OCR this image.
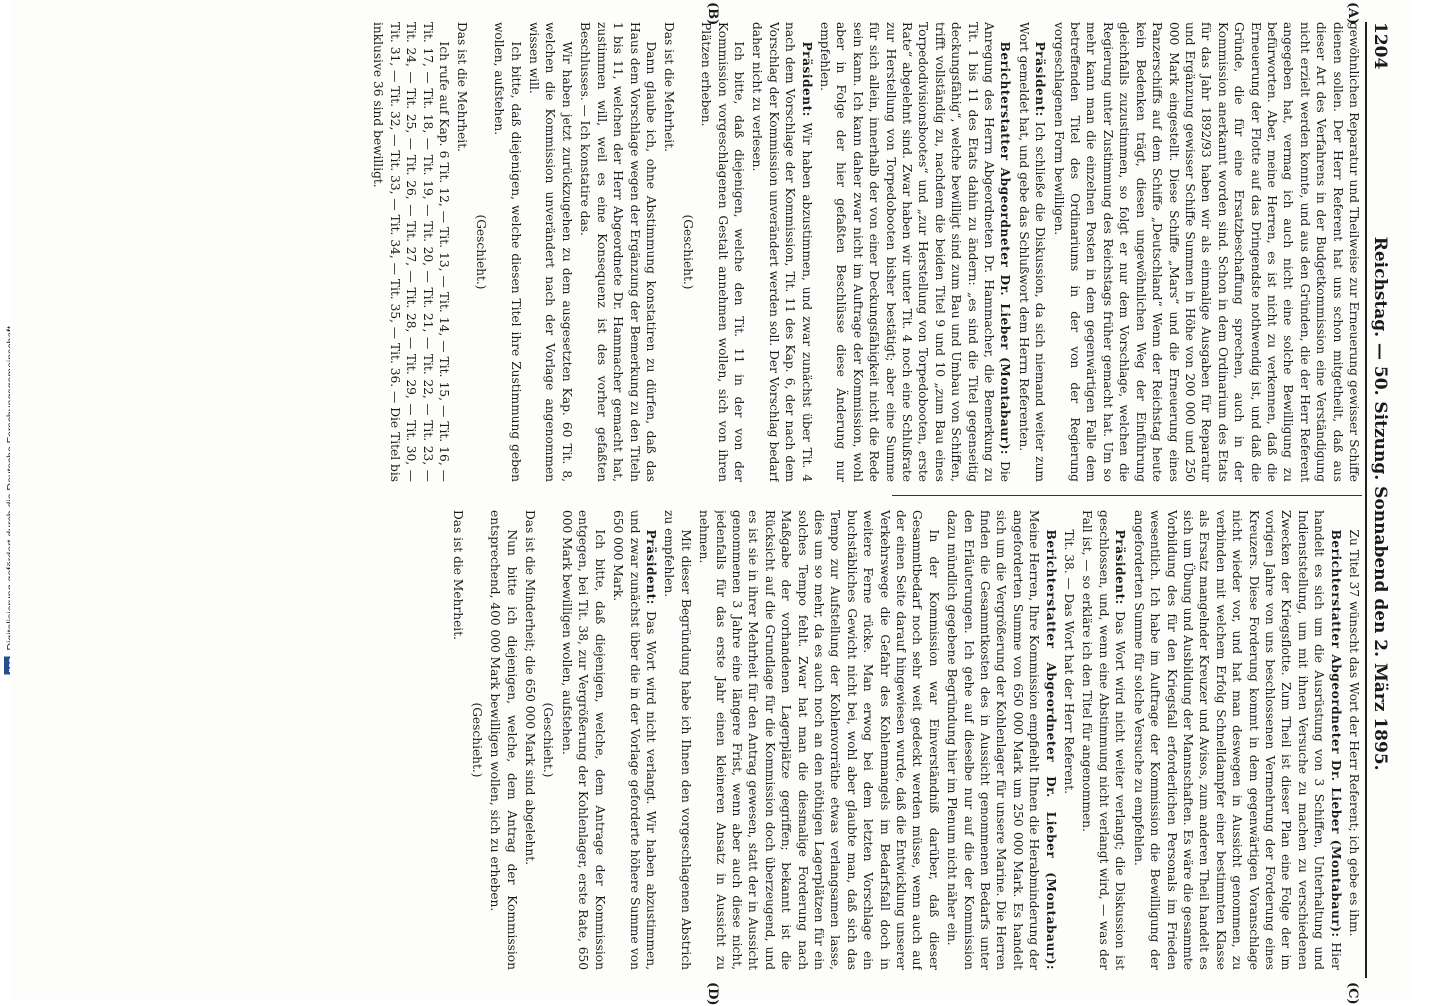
1204
Reichstag. — 50. Sitzung. Sonnabend den 2. März 1895.
(A)
(B)
(C)
(D)

gewöhnlichen Reparatur und Theilweise zur Erneuerung gewisser Schiffe dienen sollen. Der Herr Referent hat uns schon mitgetheilt, daß aus dieser Art des Verfahrens in der Budgetkommission eine Verständigung nicht erzielt werden konnte, und aus den Gründen, die der Herr Referent angegeben hat, vermag ich auch nicht eine solche Bewilligung zu befürworten. Aber, meine Herren, es ist nicht zu verkennen, daß die Erneuerung der Flotte auf das Dringendste nothwendig ist, und daß die Gründe, die für eine Ersatzbeschaffung sprechen, auch in der Kommission anerkannt worden sind. Schon in dem Ordinarium des Etats für das Jahr 1892/93 haben wir als einmalige Ausgaben für Reparatur und Ergänzung gewisser Schiffe Summen in Höhe von 200 000 und 250 000 Mark eingestellt. Diese Schiffe „Mars“ und die Erneuerung eines Panzerschiffs auf dem Schiffe „Deutschland“ Wenn der Reichstag heute kein Bedenken trägt, diesen ungewöhnlichen Weg der Einführung gleichfalls zuzustimmen, so folgt er nur dem Vorschlage, welchen die Regierung unter Zustimmung des Reichstags früher gemacht hat. Um so mehr kann man die einzelnen Posten in dem gegenwärtigen Falle dem betreffenden Titel des Ordinariums in der von der Regierung vorgeschlagenen Form bewilligen.

Präsident: Ich schließe die Diskussion, da sich niemand weiter zum Wort gemeldet hat, und gebe das Schlußwort dem Herrn Referenten.

Berichterstatter Abgeordneter Dr. Lieber (Montabaur): Die Anregung des Herrn Abgeordneten Dr. Hammacher, die Bemerkung zu Tit. 1 bis 11 des Etats dahin zu ändern: „es sind die Titel gegenseitig deckungsfähig“, welche bewilligt sind zum Bau und Umbau von Schiffen, trifft vollständig zu, nachdem die beiden Titel 9 und 10 „zum Bau eines Torpedodivisionsbootes“ und „zur Herstellung von Torpedobooten, erste Rate“ abgelehnt sind. Zwar haben wir unter Tit. 4 noch eine Schlußrate zur Herstellung von Torpedobooten bisher bestätigt; aber eine Summe für sich allein, innerhalb der von einer Deckungsfähigkeit nicht die Rede sein kann. Ich kann daher zwar nicht im Auftrage der Kommission, wohl aber in Folge der hier gefaßten Beschlüsse diese Änderung nur empfehlen.

Präsident: Wir haben abzustimmen, und zwar zunächst über Tit. 4 nach dem Vorschlage der Kommission, Tit. 11 des Kap. 6, der nach dem Vorschlag der Kommission unverändert werden soll. Der Vorschlag bedarf daher nicht zu verlesen.

Ich bitte, daß diejenigen, welche den Tit. 11 in der von der Kommission vorgeschlagenen Gestalt annehmen wollen, sich von ihren Plätzen erheben.

(Geschieht.)

Das ist die Mehrheit.

Dann glaube ich, ohne Abstimmung konstatiren zu dürfen, daß das Haus dem Vorschlage wegen der Ergänzung der Bemerkung zu den Titeln 1 bis 11, welchen der Herr Abgeordnete Dr. Hammacher gemacht hat, zustimmen will, weil es eine Konsequenz ist des vorher gefaßten Beschlusses. — Ich konstatire das.

Wir haben jetzt zurückzugehen zu dem ausgesetzten Kap. 60 Tit. 8, welchen die Kommission unverändert nach der Vorlage angenommen wissen will.

Ich bitte, daß diejenigen, welche diesen Titel ihre Zustimmung geben wollen, aufstehen.

(Geschieht.)

Das ist die Mehrheit.

Ich rufe auf Kap. 6 Tit. 12, — Tit. 13, — Tit. 14, — Tit. 15, — Tit. 16, — Tit. 17, — Tit. 18, — Tit. 19, — Tit. 20, — Tit. 21, — Tit. 22, — Tit. 23, — Tit. 24, — Tit. 25, — Tit. 26, — Tit. 27, — Tit. 28, — Tit. 29, — Tit. 30, — Tit. 31, — Tit. 32, — Tit. 33, — Tit. 34, — Tit. 35, — Tit. 36. — Die Titel bis inklusive 36 sind bewilligt.

Zu Titel 37 wünscht das Wort der Herr Referent; ich gebe es ihm.

Berichterstatter Abgeordneter Dr. Lieber (Montabaur): Hier handelt es sich um die Ausrüstung von 3 Schiffen, Unterhaltung und Indienststellung, um mit ihnen Versuche zu machen zu verschiedenen Zwecken der Kriegsflotte. Zum Theil ist dieser Plan eine Folge der im vorigen Jahre von uns beschlossenen Vermehrung der Forderung eines Kreuzers. Diese Forderung kommt in dem gegenwärtigen Voranschlage nicht wieder vor, und hat man deswegen in Aussicht genommen, zu verbinden mit welchem Erfolg Schnelldampfer einer bestimmten Klasse als Ersatz mangelnder Kreuzer und Avisos, zum anderen Theil handelt es sich um Übung und Ausbildung der Mannschaften. Es wäre die gesammte Vorbildung des für den Kriegsfall erforderlichen Personals im Frieden wesentlich. Ich habe im Auftrage der Kommission die Bewilligung der angeforderten Summe für solche Versuche zu empfehlen.

Präsident: Das Wort wird nicht weiter verlangt; die Diskussion ist geschlossen, und, wenn eine Abstimmung nicht verlangt wird, — was der Fall ist, — so erkläre ich den Titel für angenommen.

Tit. 38. — Das Wort hat der Herr Referent.

Berichterstatter Abgeordneter Dr. Lieber (Montabaur): Meine Herren, Ihre Kommission empfiehlt Ihnen die Herabminderung der angeforderten Summe von 650 000 Mark um 250 000 Mark. Es handelt sich um die Vergrößerung der Kohlenlager für unsere Marine. Die Herren finden die Gesammtkosten des in Aussicht genommenen Bedarfs unter den Erläuterungen. Ich gehe auf dieselbe nur auf die der Kommission dazu mündlich gegebene Begründung hier im Plenum nicht näher ein.

In der Kommission war Einverständniß darüber, daß dieser Gesammtbedarf noch sehr weit gedeckt werden müsse, wenn auch auf der einen Seite darauf hingewiesen wurde, daß die Entwicklung unserer Verkehrswege die Gefahr des Kohlenmangels im Bedarfsfall doch in weitere Ferne rücke. Man erwog bei dem letzten Vorschlage ein buchstäbliches Gewicht nicht bei, wohl aber glaubte man, daß sich das Tempo zur Aufstellung der Kohlenvorräthe etwas verlangsamen lasse, dies um so mehr, da es auch noch an den nöthigen Lagerplätzen für ein solches Tempo fehlt. Zwar hat man die diesmalige Forderung nach Maßgabe der vorhandenen Lagerplätze gegriffen; bekannt ist die Rücksicht auf die Grundlage für die Kommission doch überzeugend, und es ist sie in ihrer Mehrheit für den Antrag gewesen, statt der in Aussicht genommenen 3 Jahre eine längere Frist, wenn aber auch diese nicht, jedenfalls für das erste Jahr einen kleineren Ansatz in Aussicht zu nehmen.

Mit dieser Begründung habe ich Ihnen den vorgeschlagenen Abstrich zu empfehlen.

Präsident: Das Wort wird nicht verlangt. Wir haben abzustimmen, und zwar zunächst über die in der Vorlage geforderte höhere Summe von 650 000 Mark.

Ich bitte, daß diejenigen, welche, dem Antrage der Kommission entgegen, bei Tit. 38, zur Vergrößerung der Kohlenlager, erste Rate, 650 000 Mark bewilligen wollen, aufstehen.

(Geschieht.)

Das ist die Minderheit; die 650 000 Mark sind abgelehnt.

Nun bitte ich diejenigen, welche, dem Antrag der Kommission entsprechend, 400 000 Mark bewilligen wollen, sich zu erheben.

(Geschieht.)

Das ist die Mehrheit.
